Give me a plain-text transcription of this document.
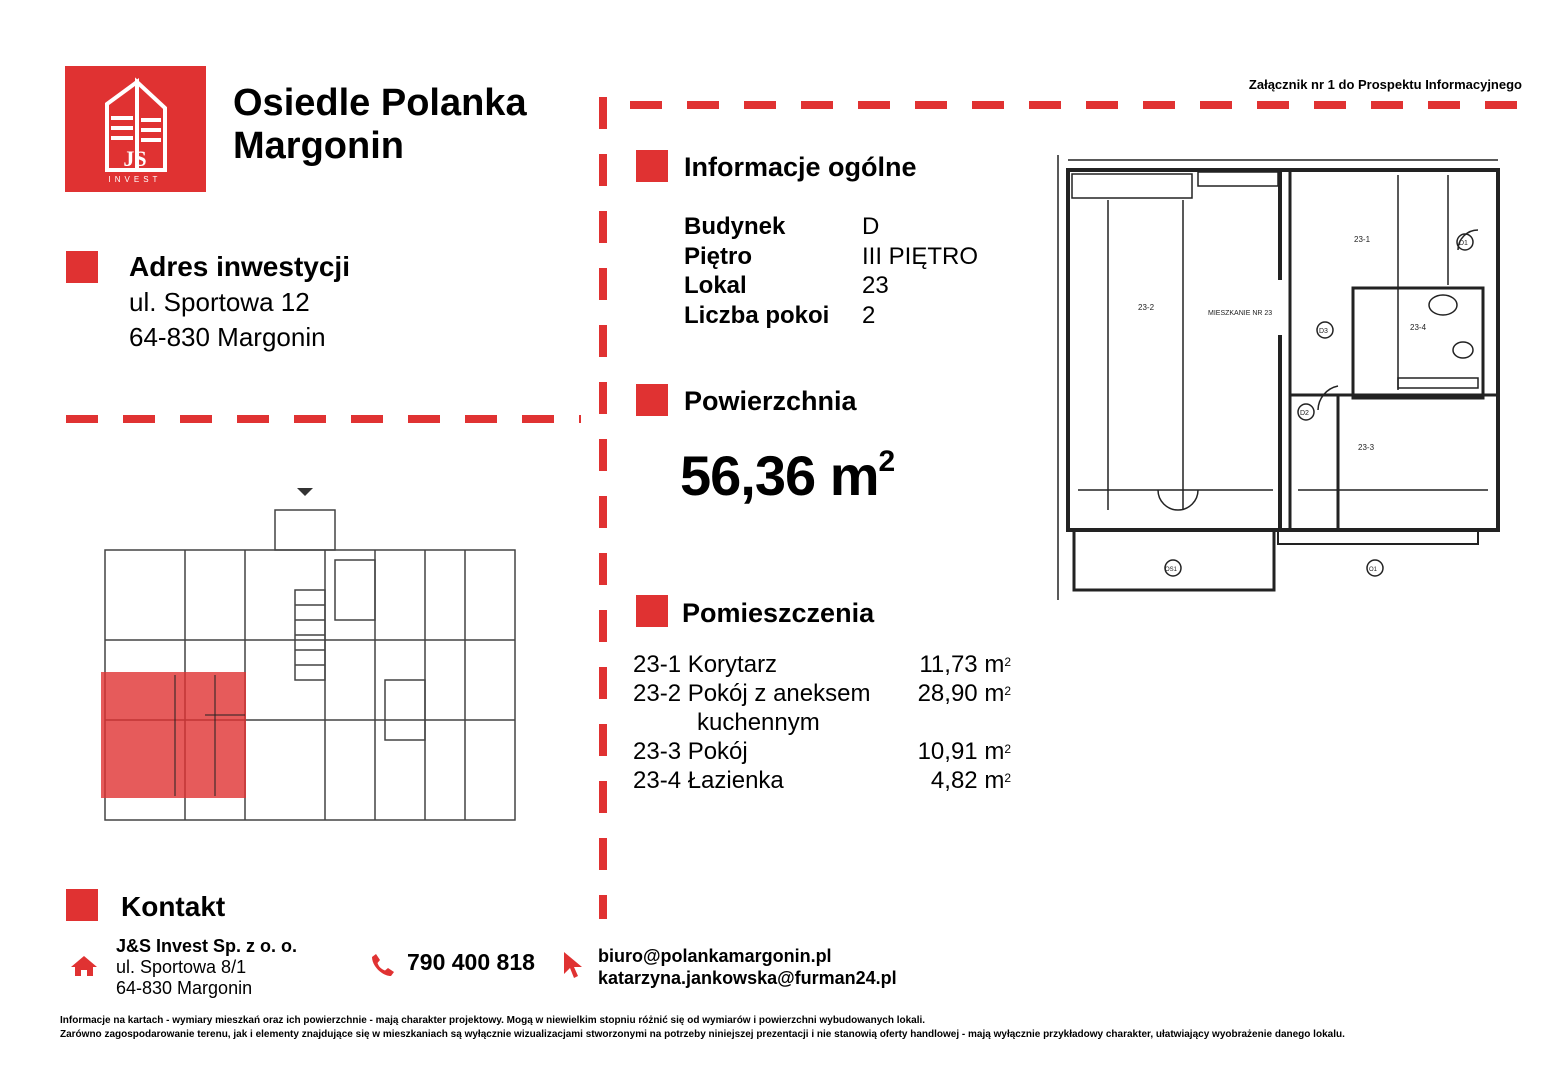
JS
INVEST
Osiedle Polanka
Margonin
Załącznik nr 1 do Prospektu Informacyjnego
Adres inwestycji
ul. Sportowa 12
64-830 Margonin
Informacje ogólne
Budynek	D
Piętro	III PIĘTRO
Lokal	23
Liczba pokoi	2
Powierzchnia
56,36 $m^2$
Pomieszczenia
23-1 Korytarz	11,73 $m^2$
23-2 Pokój z aneksem 28,90 $m^2$
kuchennym
23-3 Pokój	10,91 $m^2$
23-4 Łazienka	4,82 $m^2$
23-1
23-2
23-3
23-4
MIESZKANIE NR 23
D1
D3
D2
OS1	O1
Kontakt
J&S Invest Sp. z o. o.
ul. Sportowa 8/1
64-830 Margonin
790 400 818	biuro@polankamargonin.pl
katarzyna.jankowska@furman24.pl
Informacje na kartach - wymiary mieszkań oraz ich powierzchnie - mają charakter projektowy. Mogą w niewielkim stopniu różnić się od wymiarów i powierzchni wybudowanych lokali.
Zarówno zagospodarowanie terenu, jak i elementy znajdujące się w mieszkaniach są wyłącznie wizualizacjami stworzonymi na potrzeby niniejszej prezentacji i nie stanowią oferty handlowej - mają wyłącznie przykładowy charakter, ułatwiający wyobrażenie danego lokalu.
